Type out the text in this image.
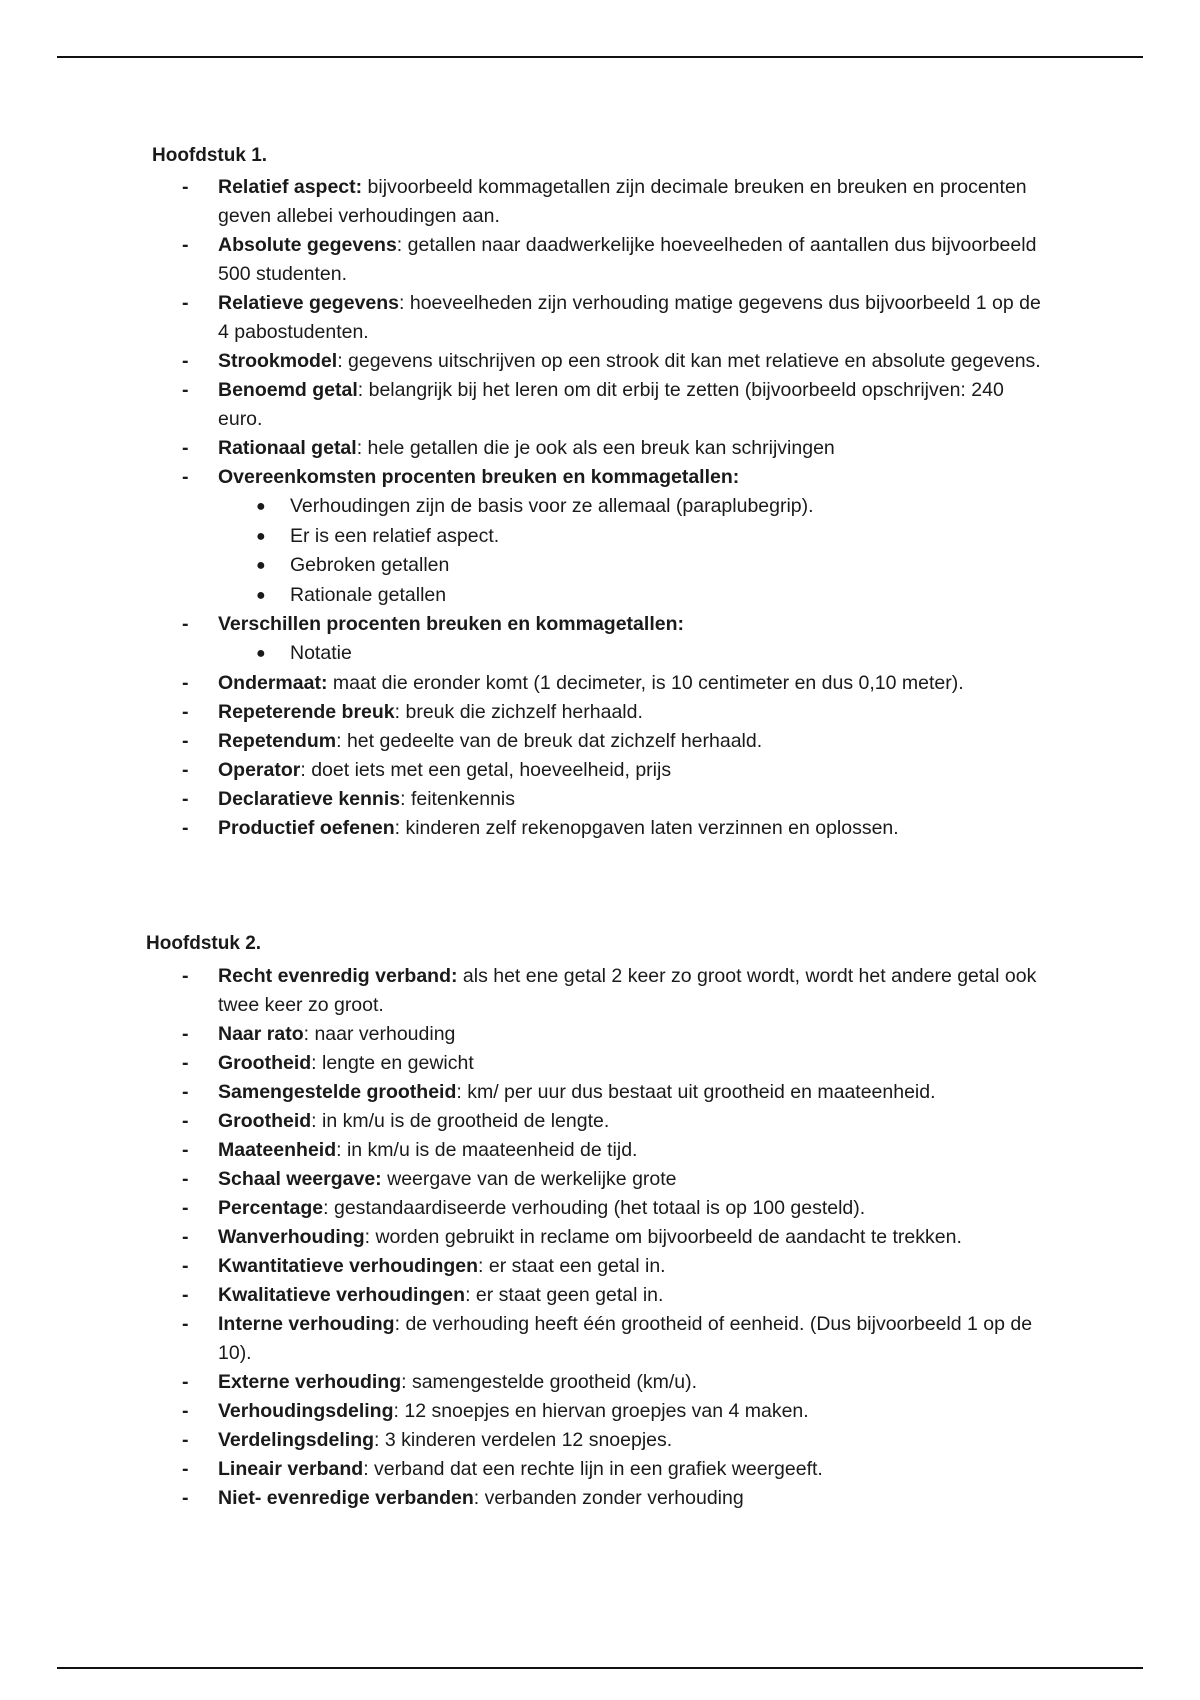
Hoofdstuk 1.
- Relatief aspect: bijvoorbeeld kommagetallen zijn decimale breuken en breuken en procenten geven allebei verhoudingen aan.
- Absolute gegevens: getallen naar daadwerkelijke hoeveelheden of aantallen dus bijvoorbeeld 500 studenten.
- Relatieve gegevens: hoeveelheden zijn verhouding matige gegevens dus bijvoorbeeld 1 op de 4 pabostudenten.
- Strookmodel: gegevens uitschrijven op een strook dit kan met relatieve en absolute gegevens.
- Benoemd getal: belangrijk bij het leren om dit erbij te zetten (bijvoorbeeld opschrijven: 240 euro.
- Rationaal getal: hele getallen die je ook als een breuk kan schrijvingen
- Overeenkomsten procenten breuken en kommagetallen:
● Verhoudingen zijn de basis voor ze allemaal (paraplubegrip).
● Er is een relatief aspect.
● Gebroken getallen
● Rationale getallen
- Verschillen procenten breuken en kommagetallen:
● Notatie
- Ondermaat: maat die eronder komt (1 decimeter, is 10 centimeter en dus 0,10 meter).
- Repeterende breuk: breuk die zichzelf herhaald.
- Repetendum: het gedeelte van de breuk dat zichzelf herhaald.
- Operator: doet iets met een getal, hoeveelheid, prijs
- Declaratieve kennis: feitenkennis
- Productief oefenen: kinderen zelf rekenopgaven laten verzinnen en oplossen.
Hoofdstuk 2.
- Recht evenredig verband: als het ene getal 2 keer zo groot wordt, wordt het andere getal ook twee keer zo groot.
- Naar rato: naar verhouding
- Grootheid: lengte en gewicht
- Samengestelde grootheid: km/ per uur dus bestaat uit grootheid en maateenheid.
- Grootheid: in km/u is de grootheid de lengte.
- Maateenheid: in km/u is de maateenheid de tijd.
- Schaal weergave: weergave van de werkelijke grote
- Percentage: gestandaardiseerde verhouding (het totaal is op 100 gesteld).
- Wanverhouding: worden gebruikt in reclame om bijvoorbeeld de aandacht te trekken.
- Kwantitatieve verhoudingen: er staat een getal in.
- Kwalitatieve verhoudingen: er staat geen getal in.
- Interne verhouding: de verhouding heeft één grootheid of eenheid. (Dus bijvoorbeeld 1 op de 10).
- Externe verhouding: samengestelde grootheid (km/u).
- Verhoudingsdeling: 12 snoepjes en hiervan groepjes van 4 maken.
- Verdelingsdeling: 3 kinderen verdelen 12 snoepjes.
- Lineair verband: verband dat een rechte lijn in een grafiek weergeeft.
- Niet- evenredige verbanden: verbanden zonder verhouding
